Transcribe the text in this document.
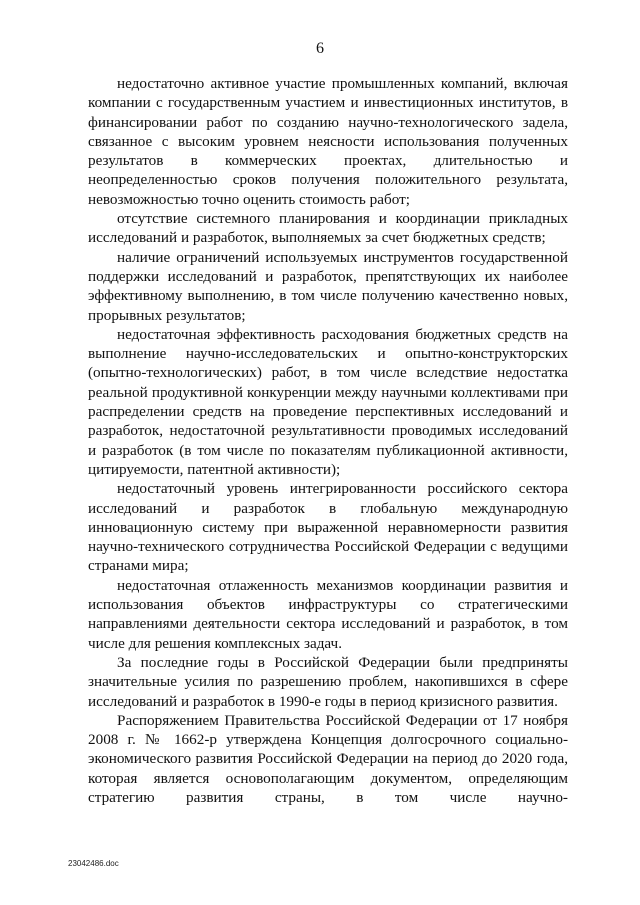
6

недостаточно активное участие промышленных компаний, включая компании с государственным участием и инвестиционных институтов, в финансировании работ по созданию научно-технологического задела, связанное с высоким уровнем неясности использования полученных результатов в коммерческих проектах, длительностью и неопределенностью сроков получения положительного результата, невозможностью точно оценить стоимость работ;

отсутствие системного планирования и координации прикладных исследований и разработок, выполняемых за счет бюджетных средств;

наличие ограничений используемых инструментов государственной поддержки исследований и разработок, препятствующих их наиболее эффективному выполнению, в том числе получению качественно новых, прорывных результатов;

недостаточная эффективность расходования бюджетных средств на выполнение научно-исследовательских и опытно-конструкторских (опытно-технологических) работ, в том числе вследствие недостатка реальной продуктивной конкуренции между научными коллективами при распределении средств на проведение перспективных исследований и разработок, недостаточной результативности проводимых исследований и разработок (в том числе по показателям публикационной активности, цитируемости, патентной активности);

недостаточный уровень интегрированности российского сектора исследований и разработок в глобальную международную инновационную систему при выраженной неравномерности развития научно-технического сотрудничества Российской Федерации с ведущими странами мира;

недостаточная отлаженность механизмов координации развития и использования объектов инфраструктуры со стратегическими направлениями деятельности сектора исследований и разработок, в том числе для решения комплексных задач.

За последние годы в Российской Федерации были предприняты значительные усилия по разрешению проблем, накопившихся в сфере исследований и разработок в 1990-е годы в период кризисного развития.

Распоряжением Правительства Российской Федерации от 17 ноября 2008 г. № 1662-р утверждена Концепция долгосрочного социально-экономического развития Российской Федерации на период до 2020 года, которая является основополагающим документом, определяющим стратегию развития страны, в том числе научно-

23042486.doc
